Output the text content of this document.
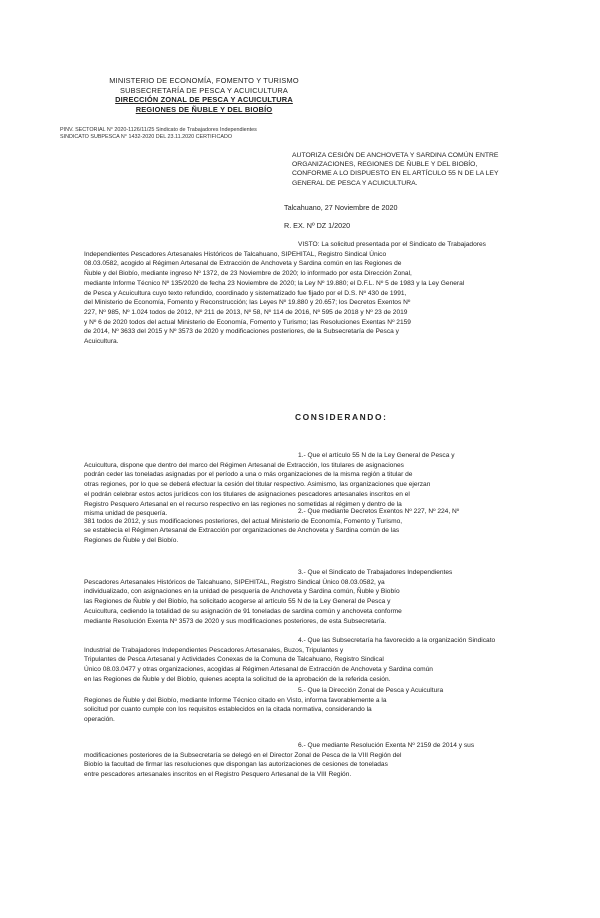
MINISTERIO DE ECONOMÍA, FOMENTO Y TURISMO
SUBSECRETARÍA DE PESCA Y ACUICULTURA
DIRECCIÓN ZONAL DE PESCA Y ACUICULTURA
REGIONES DE ÑUBLE Y DEL BIOBÍO
PINV. SECTORIAL N° 2020-1126/11/25 Sindicato de Trabajadores Independientes
SINDICATO SUBPESCA N° 1432-2020 DEL 23.11.2020 CERTIFICADO
AUTORIZA CESIÓN DE ANCHOVETA Y SARDINA COMÚN ENTRE
ORGANIZACIONES, REGIONES DE ÑUBLE Y DEL BIOBÍO,
CONFORME A LO DISPUESTO EN EL ARTÍCULO 55 N DE LA LEY
GENERAL DE PESCA Y ACUICULTURA.
Talcahuano, 27 Noviembre de 2020
R. EX. Nº DZ 1/2020
VISTO: La solicitud presentada por el Sindicato de Trabajadores
Independientes Pescadores Artesanales Históricos de Talcahuano, SIPEHITAL, Registro Sindical Único
08.03.0582, acogido al Régimen Artesanal de Extracción de Anchoveta y Sardina común en las Regiones de
Ñuble y del Biobío, mediante ingreso Nº 1372, de 23 Noviembre de 2020; lo informado por esta Dirección Zonal,
mediante Informe Técnico Nº 135/2020 de fecha 23 Noviembre de 2020; la Ley Nº 19.880; el D.F.L. Nº 5 de 1983 y la Ley General
de Pesca y Acuicultura cuyo texto refundido, coordinado y sistematizado fue fijado por el D.S. Nº 430 de 1991,
del Ministerio de Economía, Fomento y Reconstrucción; las Leyes Nº 19.880 y 20.657; los Decretos Exentos Nº
227, Nº 985, Nº 1.024 todos de 2012, Nº 211 de 2013, Nº 58, Nº 114 de 2016, Nº 595 de 2018 y Nº 23 de 2019
y Nº 6 de 2020 todos del actual Ministerio de Economía, Fomento y Turismo; las Resoluciones Exentas Nº 2159
de 2014, Nº 3633 del 2015 y Nº 3573 de 2020 y modificaciones posteriores, de la Subsecretaría de Pesca y
Acuicultura.
CONSIDERANDO:
1.- Que el artículo 55 N de la Ley General de Pesca y
Acuicultura, dispone que dentro del marco del Régimen Artesanal de Extracción, los titulares de asignaciones
podrán ceder las toneladas asignadas por el período a una o más organizaciones de la misma región a titular de
otras regiones, por lo que se deberá efectuar la cesión del titular respectivo. Asimismo, las organizaciones que ejerzan
el podrán celebrar estos actos jurídicos con los titulares de asignaciones pescadores artesanales inscritos en el
Registro Pesquero Artesanal en el recurso respectivo en las regiones no sometidas al régimen y dentro de la
misma unidad de pesquería.	2.- Que mediante Decretos Exentos Nº 227, Nº 224, Nº
381 todos de 2012, y sus modificaciones posteriores, del actual Ministerio de Economía, Fomento y Turismo,
se establecía el Régimen Artesanal de Extracción por organizaciones de Anchoveta y Sardina común de las
Regiones de Ñuble y del Biobío.
3.- Que el Sindicato de Trabajadores Independientes
Pescadores Artesanales Históricos de Talcahuano, SIPEHITAL, Registro Sindical Único 08.03.0582, ya
individualizado, con asignaciones en la unidad de pesquería de Anchoveta y Sardina común, Ñuble y Biobío
las Regiones de Ñuble y del Biobío, ha solicitado acogerse al artículo 55 N de la Ley General de Pesca y
Acuicultura, cediendo la totalidad de su asignación de 91 toneladas de sardina común y anchoveta conforme
mediante Resolución Exenta Nº 3573 de 2020 y sus modificaciones posteriores, de esta Subsecretaría.
4.- Que las Subsecretaría ha favorecido a la organización Sindicato
Industrial de Trabajadores Independientes Pescadores Artesanales, Buzos, Tripulantes y
Tripulantes de Pesca Artesanal y Actividades Conexas de la Comuna de Talcahuano, Registro Sindical
Único 08.03.0477 y otras organizaciones, acogidas al Régimen Artesanal de Extracción de Anchoveta y Sardina común
en las Regiones de Ñuble y del Biobío, quienes acepta la solicitud de la aprobación de la referida cesión.
5.- Que la Dirección Zonal de Pesca y Acuicultura
Regiones de Ñuble y del Biobío, mediante Informe Técnico citado en Visto, informa favorablemente a la
solicitud por cuanto cumple con los requisitos establecidos en la citada normativa, considerando la
operación.
6.- Que mediante Resolución Exenta Nº 2159 de 2014 y sus
modificaciones posteriores de la Subsecretaría se delegó en el Director Zonal de Pesca de la VIII Región del
Biobío la facultad de firmar las resoluciones que dispongan las autorizaciones de cesiones de toneladas
entre pescadores artesanales inscritos en el Registro Pesquero Artesanal de la VIII Región.
